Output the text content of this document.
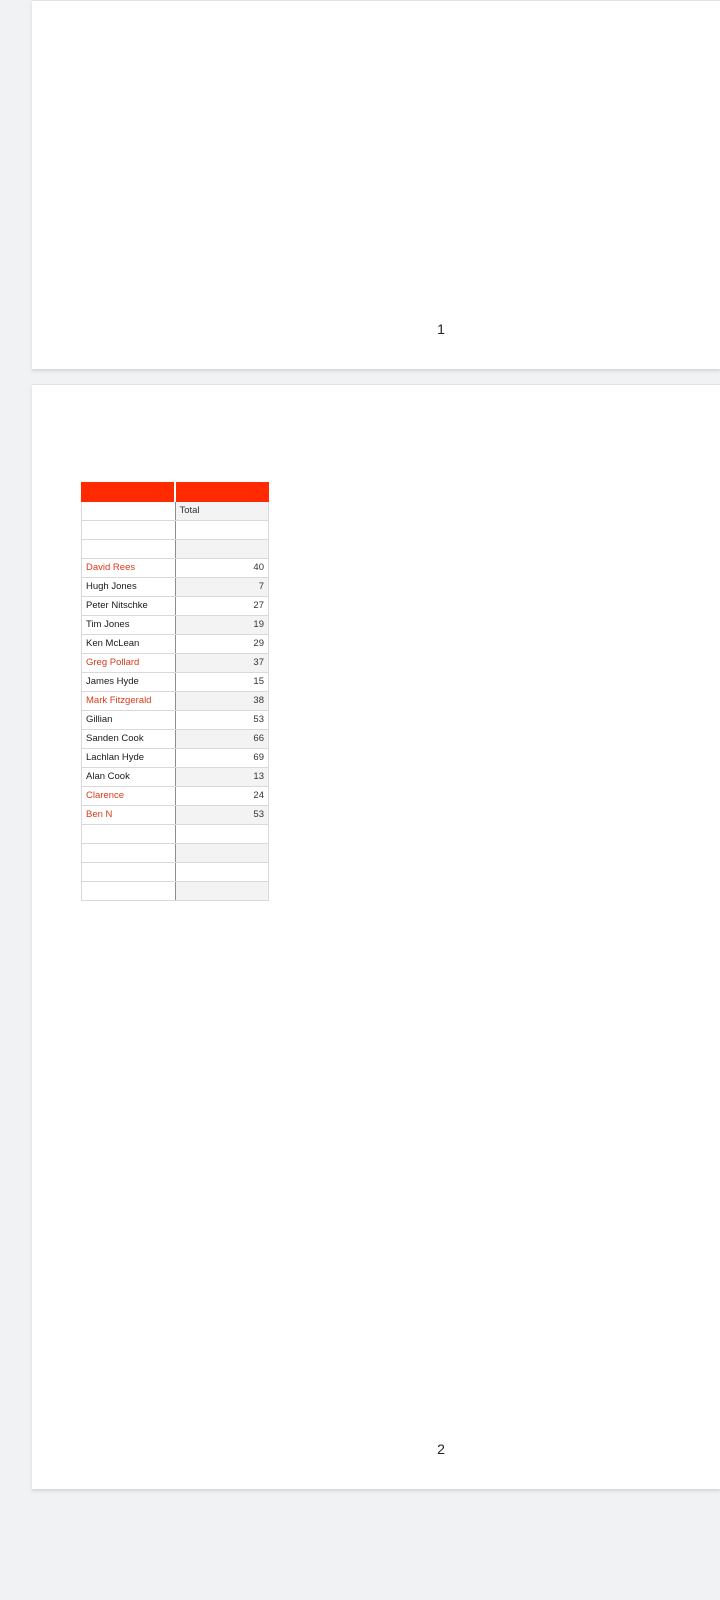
1

	Total

David Rees	40
Hugh Jones	7
Peter Nitschke	27
Tim Jones	19
Ken McLean	29
Greg Pollard	37
James Hyde	15
Mark Fitzgerald	38
Gillian	53
Sanden Cook	66
Lachlan Hyde	69
Alan Cook	13
Clarence	24
Ben N	53

2
